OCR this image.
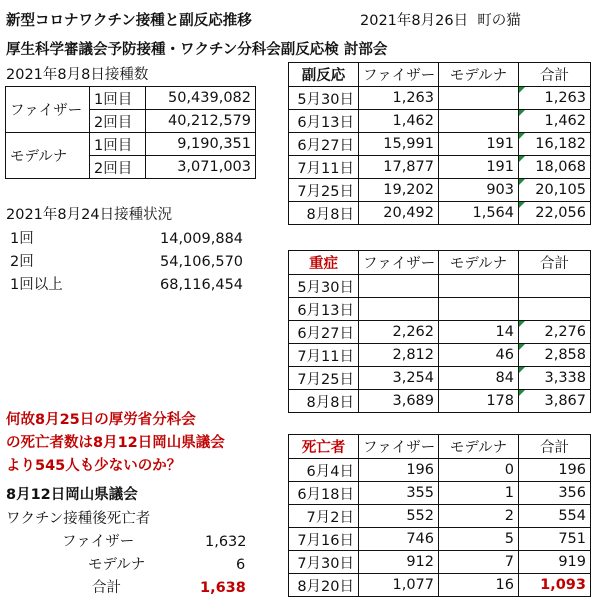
新型コロナワクチン接種と副反応推移	2021年8月26日 町の猫
厚生科学審議会予防接種・ワクチン分科会副反応検 討部会
2021年8月8日接種数
ファイザー	1回目	50,439,082
	2回目	40,212,579
モデルナ	1回目	9,190,351
	2回目	3,071,003
2021年8月24日接種状況
1回	14,009,884
2回	54,106,570
1回以上	68,116,454
副反応	ファイザー	モデルナ	合計
5月30日	1,263		1,263
6月13日	1,462		1,462
6月27日	15,991	191	16,182
7月11日	17,877	191	18,068
7月25日	19,202	903	20,105
8月8日	20,492	1,564	22,056
重症	ファイザー	モデルナ	合計
5月30日			
6月13日			
6月27日	2,262	14	2,276
7月11日	2,812	46	2,858
7月25日	3,254	84	3,338
8月8日	3,689	178	3,867
死亡者	ファイザー	モデルナ	合計
6月4日	196	0	196
6月18日	355	1	356
7月2日	552	2	554
7月16日	746	5	751
7月30日	912	7	919
8月20日	1,077	16	1,093
何故8月25日の厚労省分科会
の死亡者数は8月12日岡山県議会
より545人も少ないのか？
8月12日岡山県議会
ワクチン接種後死亡者
ファイザー	1,632
モデルナ	6
合計	1,638
